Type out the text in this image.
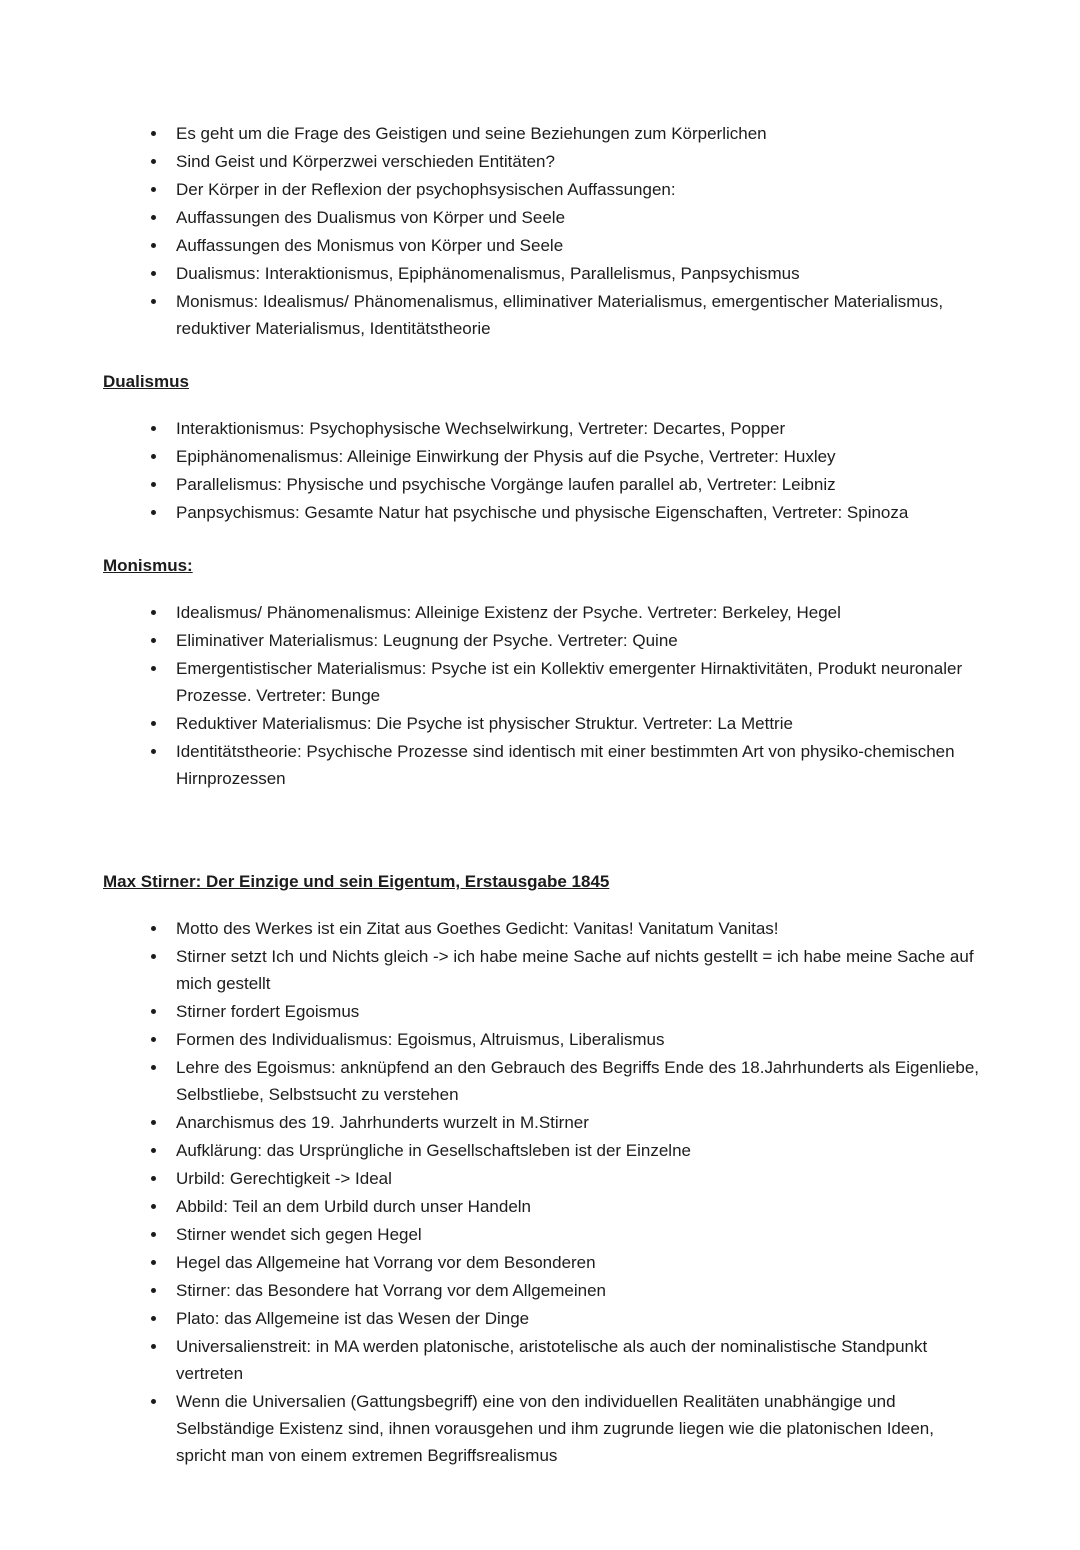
• Es geht um die Frage des Geistigen und seine Beziehungen zum Körperlichen
• Sind Geist und Körperzwei verschieden Entitäten?
• Der Körper in der Reflexion der psychophsysischen Auffassungen:
• Auffassungen des Dualismus von Körper und Seele
• Auffassungen des Monismus von Körper und Seele
• Dualismus: Interaktionismus, Epiphänomenalismus, Parallelismus, Panpsychismus
• Monismus: Idealismus/ Phänomenalismus, elliminativer Materialismus, emergentischer Materialismus, reduktiver Materialismus, Identitätstheorie
Dualismus
• Interaktionismus: Psychophysische Wechselwirkung, Vertreter: Decartes, Popper
• Epiphänomenalismus: Alleinige Einwirkung der Physis auf die Psyche, Vertreter: Huxley
• Parallelismus: Physische und psychische Vorgänge laufen parallel ab, Vertreter: Leibniz
• Panpsychismus: Gesamte Natur hat psychische und physische Eigenschaften, Vertreter: Spinoza
Monismus:
• Idealismus/ Phänomenalismus: Alleinige Existenz der Psyche. Vertreter: Berkeley, Hegel
• Eliminativer Materialismus: Leugnung der Psyche. Vertreter: Quine
• Emergentistischer Materialismus: Psyche ist ein Kollektiv emergenter Hirnaktivitäten, Produkt neuronaler Prozesse. Vertreter: Bunge
• Reduktiver Materialismus: Die Psyche ist physischer Struktur. Vertreter: La Mettrie
• Identitätstheorie: Psychische Prozesse sind identisch mit einer bestimmten Art von physiko-chemischen Hirnprozessen
Max Stirner: Der Einzige und sein Eigentum, Erstausgabe 1845
• Motto des Werkes ist ein Zitat aus Goethes Gedicht: Vanitas! Vanitatum Vanitas!
• Stirner setzt Ich und Nichts gleich -> ich habe meine Sache auf nichts gestellt = ich habe meine Sache auf mich gestellt
• Stirner fordert Egoismus
• Formen des Individualismus: Egoismus, Altruismus, Liberalismus
• Lehre des Egoismus: anknüpfend an den Gebrauch des Begriffs Ende des 18.Jahrhunderts als Eigenliebe, Selbstliebe, Selbstsucht zu verstehen
• Anarchismus des 19. Jahrhunderts wurzelt in M.Stirner
• Aufklärung: das Ursprüngliche in Gesellschaftsleben ist der Einzelne
• Urbild: Gerechtigkeit -> Ideal
• Abbild: Teil an dem Urbild durch unser Handeln
• Stirner wendet sich gegen Hegel
• Hegel das Allgemeine hat Vorrang vor dem Besonderen
• Stirner: das Besondere hat Vorrang vor dem Allgemeinen
• Plato: das Allgemeine ist das Wesen der Dinge
• Universalienstreit: in MA werden platonische, aristotelische als auch der nominalistische Standpunkt vertreten
• Wenn die Universalien (Gattungsbegriff) eine von den individuellen Realitäten unabhängige und Selbständige Existenz sind, ihnen vorausgehen und ihm zugrunde liegen wie die platonischen Ideen, spricht man von einem extremen Begriffsrealismus
